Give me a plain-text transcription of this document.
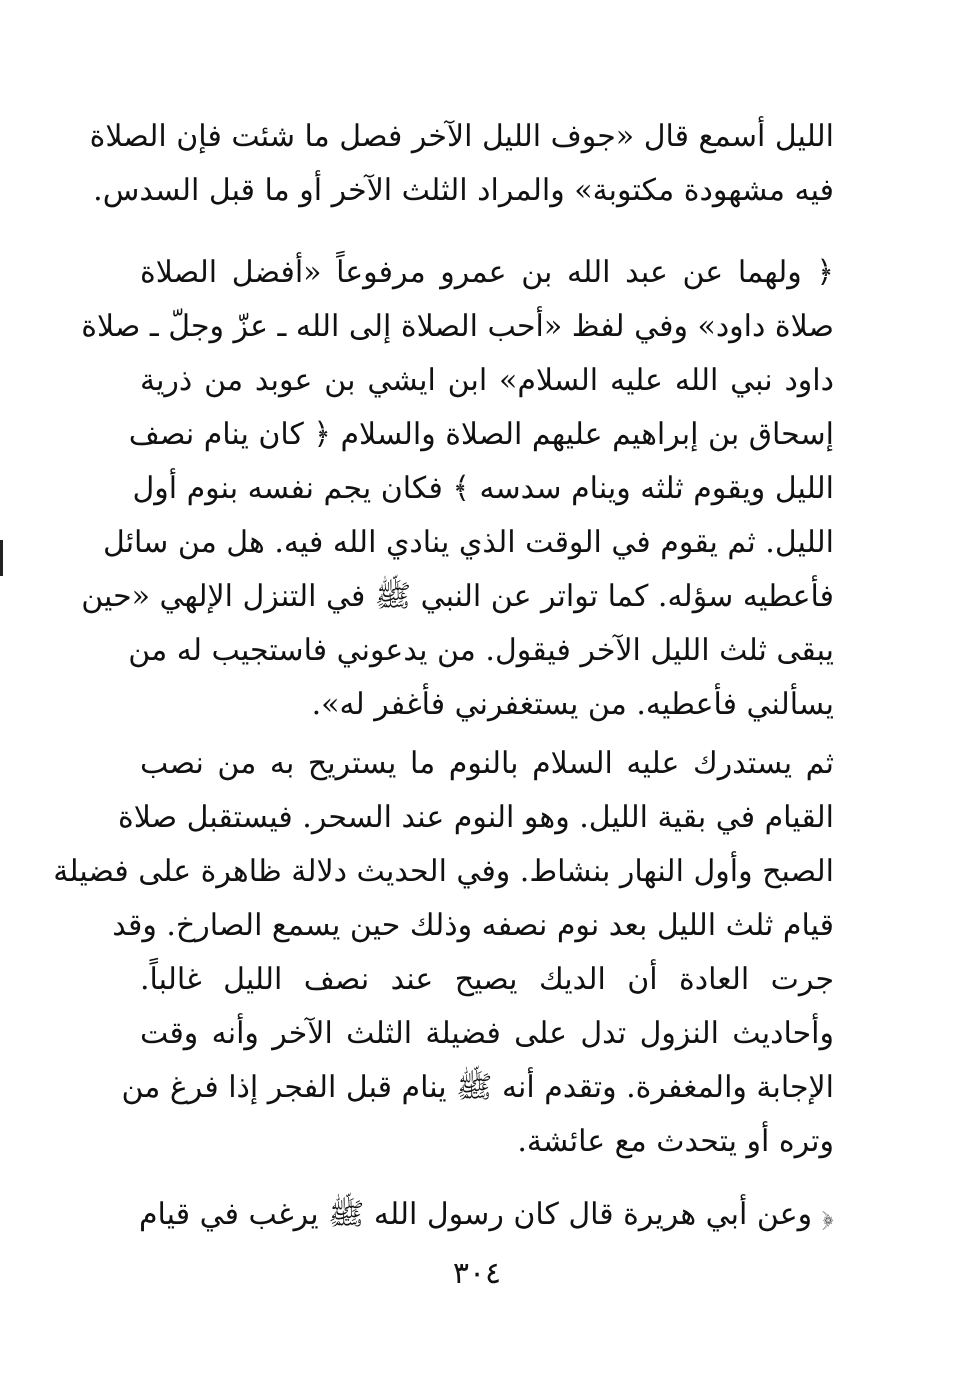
الليل أسمع قال «جوف الليل الآخر فصل ما شئت فإن الصلاة
فيه مشهودة مكتوبة» والمراد الثلث الآخر أو ما قبل السدس.
﴿ ولهما عن عبد الله بن عمرو مرفوعاً «أفضل الصلاة
صلاة داود» وفي لفظ «أحب الصلاة إلى الله ـ عزّ وجلّ ـ صلاة
داود نبي الله عليه السلام» ابن ايشي بن عوبد من ذرية
إسحاق بن إبراهيم عليهم الصلاة والسلام ﴿ كان ينام نصف
الليل ويقوم ثلثه وينام سدسه ﴾ فكان يجم نفسه بنوم أول
الليل. ثم يقوم في الوقت الذي ينادي الله فيه. هل من سائل
فأعطيه سؤله. كما تواتر عن النبي ﷺ في التنزل الإلهي «حين
يبقى ثلث الليل الآخر فيقول. من يدعوني فاستجيب له من
يسألني فأعطيه. من يستغفرني فأغفر له».
ثم يستدرك عليه السلام بالنوم ما يستريح به من نصب
القيام في بقية الليل. وهو النوم عند السحر. فيستقبل صلاة
الصبح وأول النهار بنشاط. وفي الحديث دلالة ظاهرة على فضيلة
قيام ثلث الليل بعد نوم نصفه وذلك حين يسمع الصارخ. وقد
جرت العادة أن الديك يصيح عند نصف الليل غالباً.
وأحاديث النزول تدل على فضيلة الثلث الآخر وأنه وقت
الإجابة والمغفرة. وتقدم أنه ﷺ ينام قبل الفجر إذا فرغ من
وتره أو يتحدث مع عائشة.
﴿ وعن أبي هريرة قال كان رسول الله ﷺ يرغب في قيام
٣٠٤
